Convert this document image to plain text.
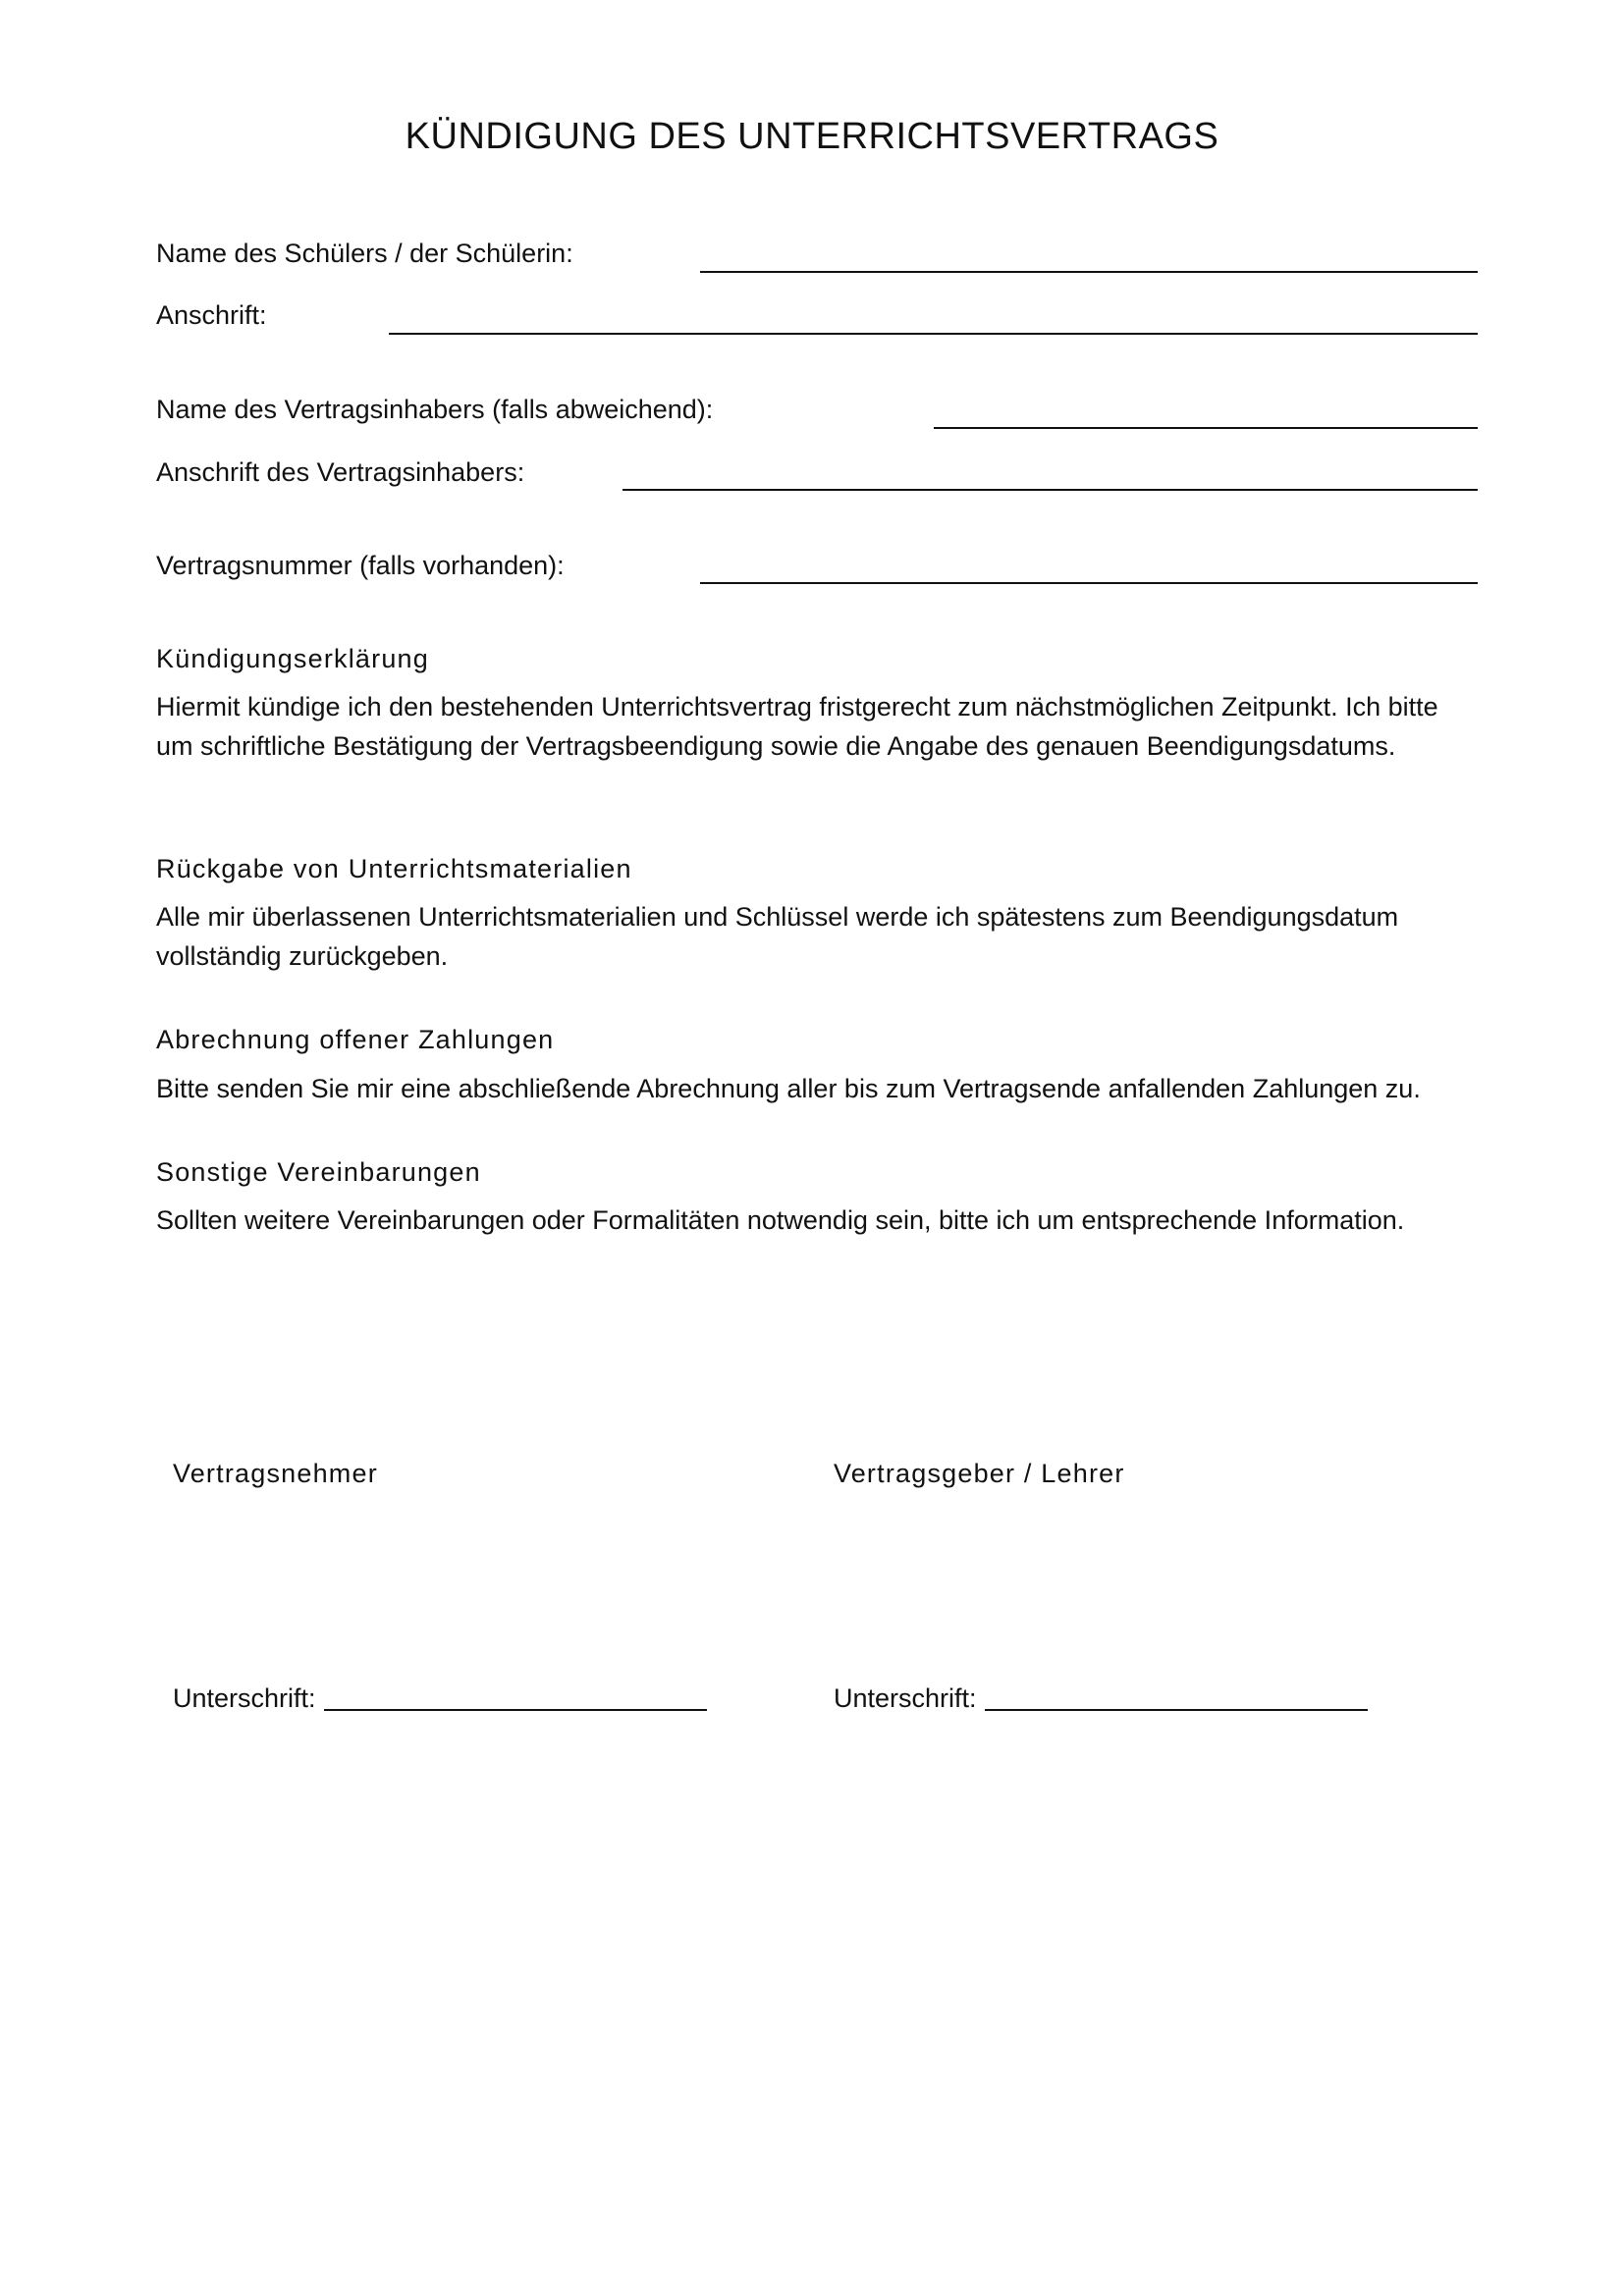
KÜNDIGUNG DES UNTERRICHTSVERTRAGS
Name des Schülers / der Schülerin:
Anschrift:
Name des Vertragsinhabers (falls abweichend):
Anschrift des Vertragsinhabers:
Vertragsnummer (falls vorhanden):
Kündigungserklärung
Hiermit kündige ich den bestehenden Unterrichtsvertrag fristgerecht zum nächstmöglichen Zeitpunkt. Ich bitte um schriftliche Bestätigung der Vertragsbeendigung sowie die Angabe des genauen Beendigungsdatums.
Rückgabe von Unterrichtsmaterialien
Alle mir überlassenen Unterrichtsmaterialien und Schlüssel werde ich spätestens zum Beendigungsdatum vollständig zurückgeben.
Abrechnung offener Zahlungen
Bitte senden Sie mir eine abschließende Abrechnung aller bis zum Vertragsende anfallenden Zahlungen zu.
Sonstige Vereinbarungen
Sollten weitere Vereinbarungen oder Formalitäten notwendig sein, bitte ich um entsprechende Information.
Vertragsnehmer	Vertragsgeber / Lehrer
Unterschrift:	Unterschrift:
